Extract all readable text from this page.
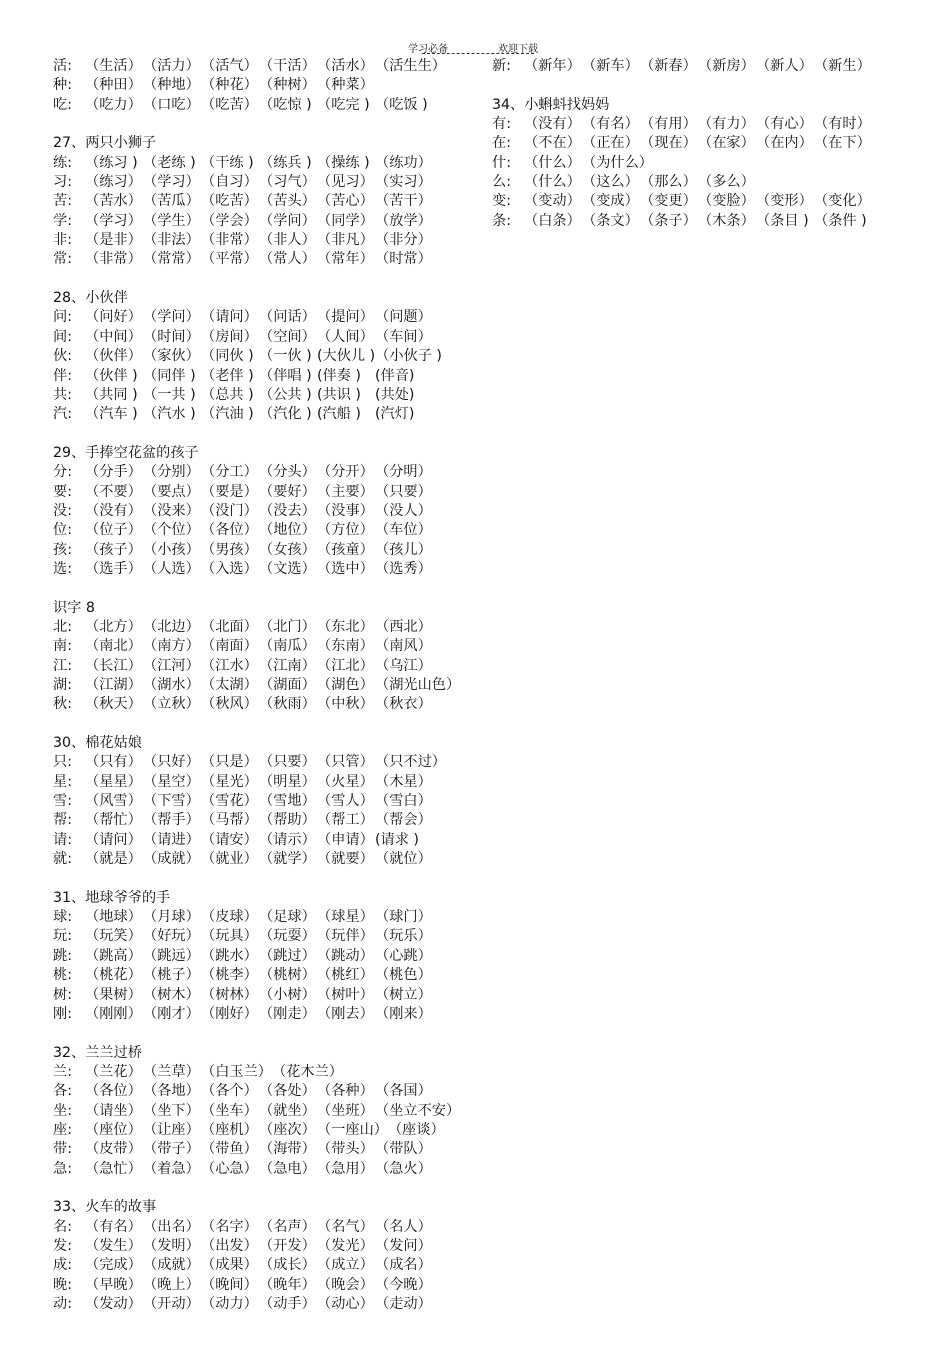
学习必备	欢迎下载
活: （生活）（活力）（活气）（干活）（活水）（活生生）
种: （种田）（种地）（种花）（种树）（种菜）
吃: （吃力）（口吃）（吃苦）（吃惊 ) （吃完 ) （吃饭 )
27、两只小狮子
练: （练习 ) （老练 ) （干练 ) （练兵 ) （操练 ) （练功）
习: （练习）（学习）（自习）（习气）（见习）（实习）
苦: （苦水）（苦瓜）（吃苦）（苦头）（苦心）（苦干）
学: （学习）（学生）（学会）（学问）（同学）（放学）
非: （是非）（非法）（非常）（非人）（非凡）（非分）
常: （非常）（常常）（平常）（常人）（常年）（时常）
28、小伙伴
问: （问好）（学问）（请问）（问话）（提问）（问题）
间: （中间）（时间）（房间）（空间）（人间）（车间）
伙: （伙伴）（家伙）（同伙 ) （一伙 ) (大伙儿 )（小伙子 )
伴: （伙伴 ) （同伴 ) （老伴 ) （伴唱 ) (伴奏 ) (伴音)
共: （共同 ) （一共 ) （总共 ) （公共 ) (共识 ) (共处)
汽: （汽车 ) （汽水 ) （汽油 ) （汽化 ) (汽船 ) (汽灯)
29、手捧空花盆的孩子
分: （分手）（分别）（分工）（分头）（分开）（分明）
要: （不要）（要点）（要是）（要好）（主要）（只要）
没: （没有）（没来）（没门）（没去）（没事）（没人）
位: （位子）（个位）（各位）（地位）（方位）（车位）
孩: （孩子）（小孩）（男孩）（女孩）（孩童）（孩儿）
选: （选手）（人选）（入选）（文选）（选中）（选秀）
识字 8
北: （北方）（北边）（北面）（北门）（东北）（西北）
南: （南北）（南方）（南面）（南瓜）（东南）（南风）
江: （长江）（江河）（江水）（江南）（江北）（乌江）
湖: （江湖）（湖水）（太湖）（湖面）（湖色）（湖光山色）
秋: （秋天）（立秋）（秋风）（秋雨）（中秋）（秋衣）
30、棉花姑娘
只: （只有）（只好）（只是）（只要）（只管）（只不过）
星: （星星）（星空）（星光）（明星）（火星）（木星）
雪: （风雪）（下雪）（雪花）（雪地）（雪人）（雪白）
帮: （帮忙）（帮手）（马帮）（帮助）（帮工）（帮会）
请: （请问）（请进）（请安）（请示）（申请）(请求 )
就: （就是）（成就）（就业）（就学）（就要）（就位）
31、地球爷爷的手
球: （地球）（月球）（皮球）（足球）（球星）（球门）
玩: （玩笑）（好玩）（玩具）（玩耍）（玩伴）（玩乐）
跳: （跳高）（跳远）（跳水）（跳过）（跳动）（心跳）
桃: （桃花）（桃子）（桃李）（桃树）（桃红）（桃色）
树: （果树）（树木）（树林）（小树）（树叶）（树立）
刚: （刚刚）（刚才）（刚好）（刚走）（刚去）（刚来）
32、兰兰过桥
兰: （兰花）（兰草）（白玉兰）（花木兰）
各: （各位）（各地）（各个）（各处）（各种）（各国）
坐: （请坐）（坐下）（坐车）（就坐）（坐班）（坐立不安）
座: （座位）（让座）（座机）（座次）（一座山）（座谈）
带: （皮带）（带子）（带鱼）（海带）（带头）（带队）
急: （急忙）（着急）（心急）（急电）（急用）（急火）
33、火车的故事
名: （有名）（出名）（名字）（名声）（名气）（名人）
发: （发生）（发明）（出发）（开发）（发光）（发问）
成: （完成）（成就）（成果）（成长）（成立）（成名）
晚: （早晚）（晚上）（晚间）（晚年）（晚会）（今晚）
动: （发动）（开动）（动力）（动手）（动心）（走动）
新: （新年）（新车）（新春）（新房）（新人）（新生）
34、小蝌蚪找妈妈
有: （没有）（有名）（有用）（有力）（有心）（有时）
在: （不在）（正在）（现在）（在家）（在内）（在下）
什: （什么）（为什么）
么: （什么）（这么）（那么）（多么）
变: （变动）（变成）（变更）（变脸）（变形）（变化）
条: （白条）（条文）（条子）（木条）（条目 ) （条件 )
